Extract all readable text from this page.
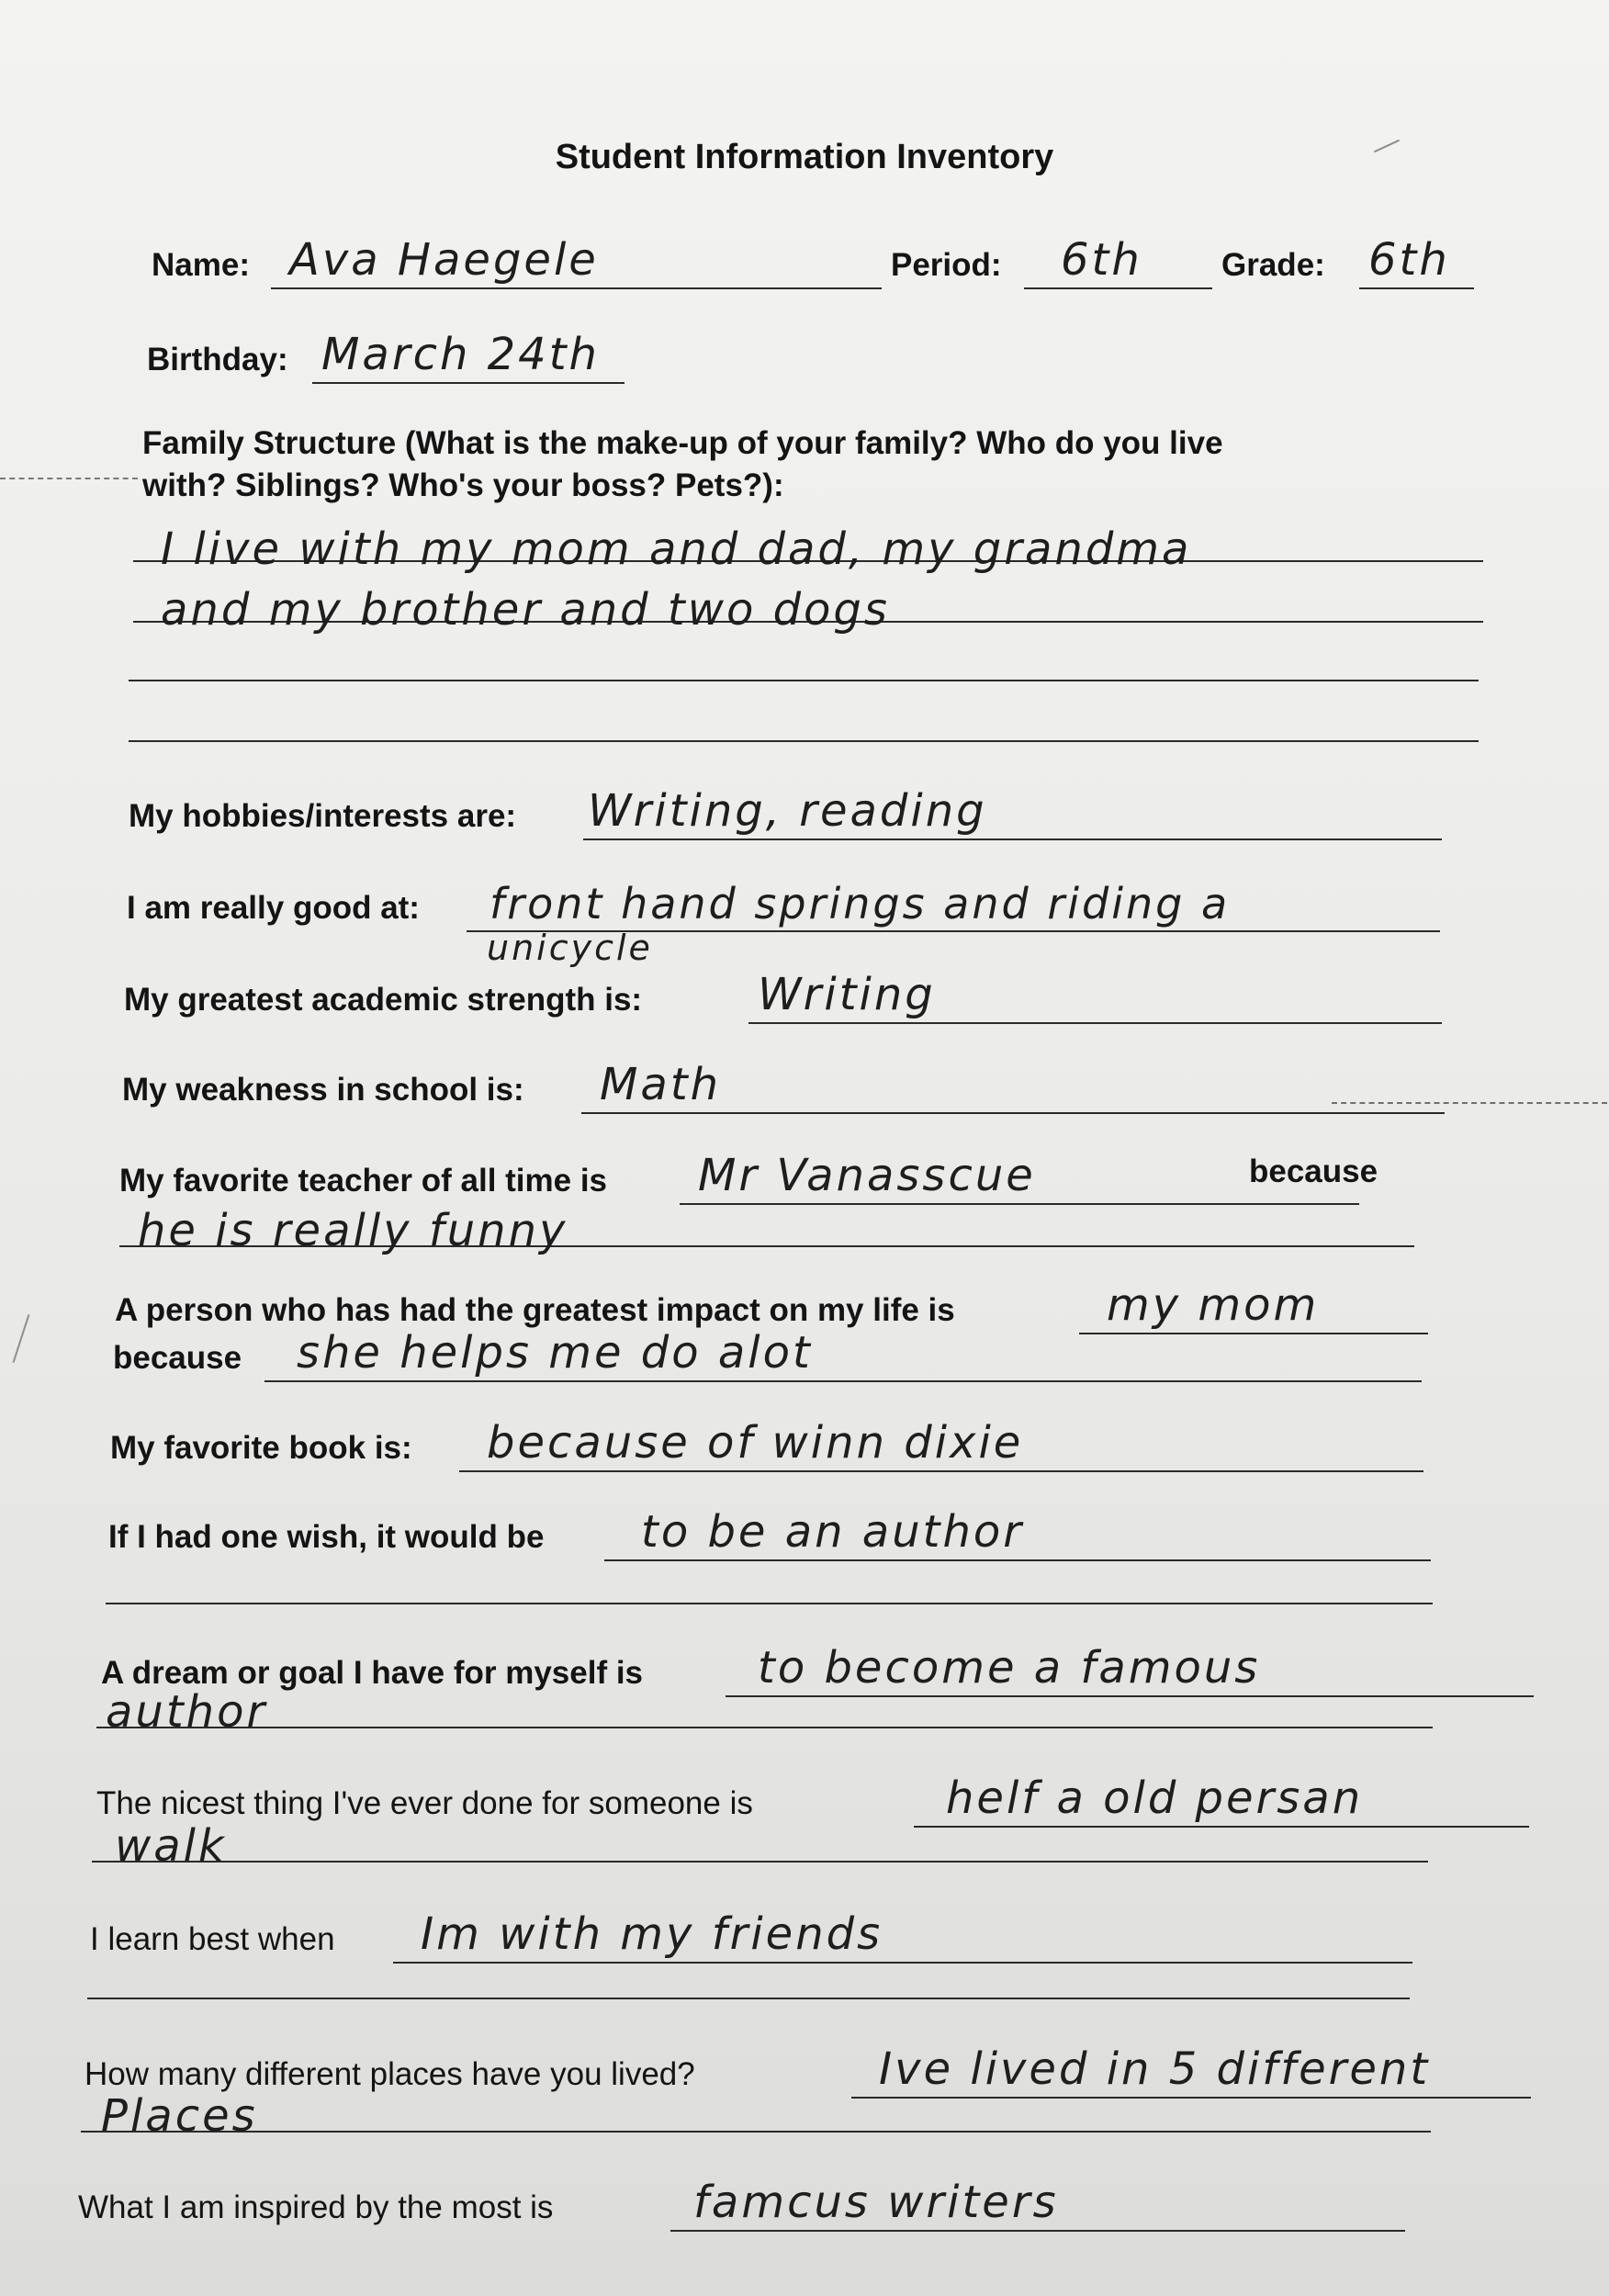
Student Information Inventory
Name: Ava Haegele	Period: 6th Grade: 6th
Birthday: March 24th
Family Structure (What is the make-up of your family? Who do you live
with? Siblings? Who's your boss? Pets?):
I live with my mom and dad, my grandma
and my brother and two dogs
My hobbies/interests are: Writing, reading
I am really good at: front hand springs and riding a
unicycle
My greatest academic strength is:	Writing
My weakness in school is: Math
My favorite teacher of all time is Mr Vanasscue	because
he is really funny
A person who has had the greatest impact on my life is	my mom
because she helps me do alot
My favorite book is: because of winn dixie
If I had one wish, it would be to be an author
A dream or goal I have for myself is	to become a famous
author
The nicest thing I've ever done for someone is	helf a old persan
walk
I learn best when Im with my friends
How many different places have you lived?	Ive lived in 5 different
Places
What I am inspired by the most is	famcus writers
